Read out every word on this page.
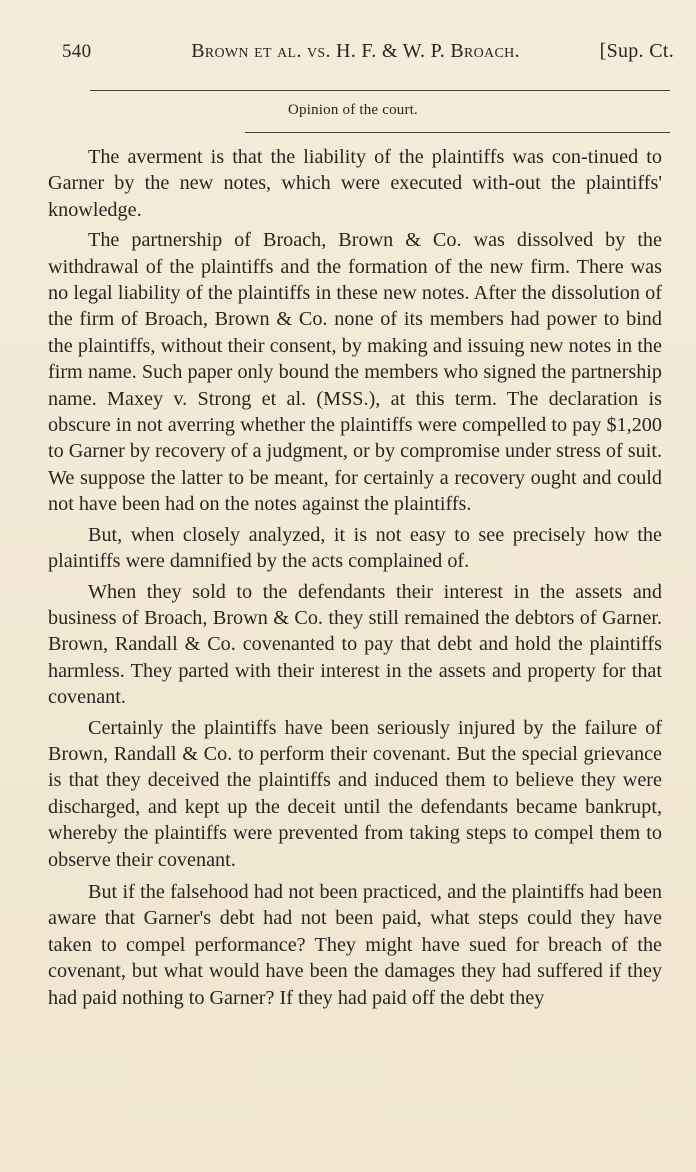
540	Brown et al. vs. H. F. & W. P. Broach.	[Sup. Ct.
Opinion of the court.

The averment is that the liability of the plaintiffs was con-tinued to Garner by the new notes, which were executed with-out the plaintiffs' knowledge.

The partnership of Broach, Brown & Co. was dissolved by the withdrawal of the plaintiffs and the formation of the new firm. There was no legal liability of the plaintiffs in these new notes. After the dissolution of the firm of Broach, Brown & Co. none of its members had power to bind the plaintiffs, without their consent, by making and issuing new notes in the firm name. Such paper only bound the members who signed the partnership name. Maxey v. Strong et al. (MSS.), at this term. The declaration is obscure in not averring whether the plaintiffs were compelled to pay $1,200 to Garner by recovery of a judgment, or by compromise under stress of suit. We suppose the latter to be meant, for certainly a recovery ought and could not have been had on the notes against the plaintiffs.

But, when closely analyzed, it is not easy to see precisely how the plaintiffs were damnified by the acts complained of.

When they sold to the defendants their interest in the assets and business of Broach, Brown & Co. they still remained the debtors of Garner. Brown, Randall & Co. covenanted to pay that debt and hold the plaintiffs harmless. They parted with their interest in the assets and property for that covenant.

Certainly the plaintiffs have been seriously injured by the failure of Brown, Randall & Co. to perform their covenant. But the special grievance is that they deceived the plaintiffs and induced them to believe they were discharged, and kept up the deceit until the defendants became bankrupt, whereby the plaintiffs were prevented from taking steps to compel them to observe their covenant.

But if the falsehood had not been practiced, and the plaintiffs had been aware that Garner's debt had not been paid, what steps could they have taken to compel performance? They might have sued for breach of the covenant, but what would have been the damages they had suffered if they had paid nothing to Garner? If they had paid off the debt they
